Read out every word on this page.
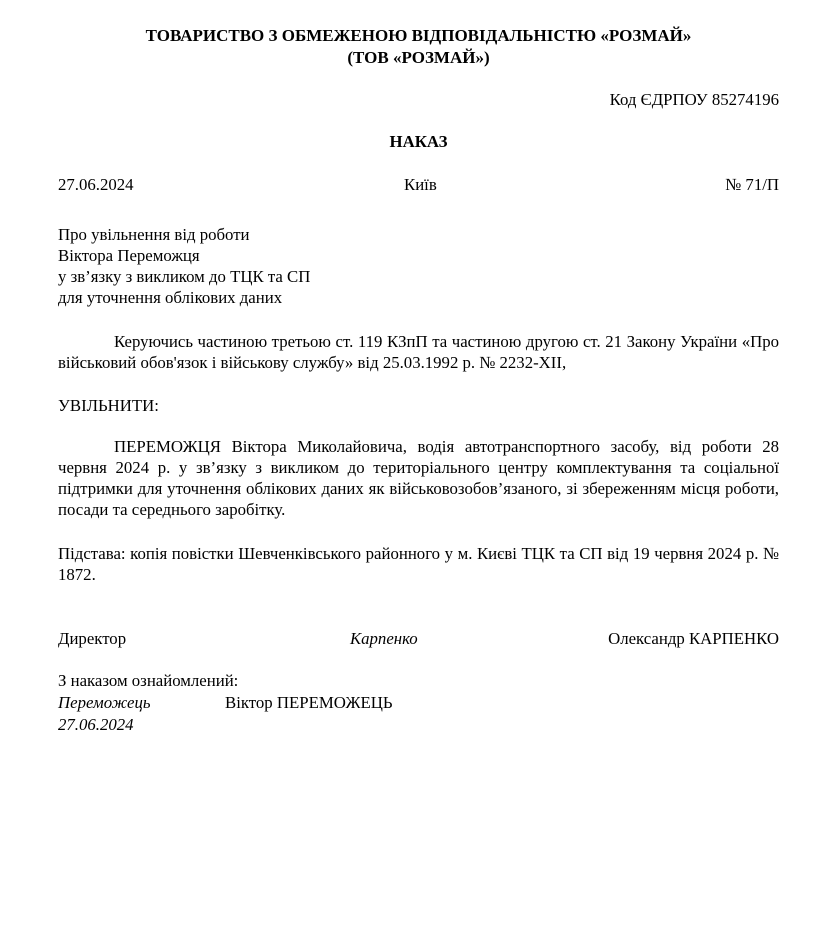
ТОВАРИСТВО З ОБМЕЖЕНОЮ ВІДПОВІДАЛЬНІСТЮ «РОЗМАЙ»
(ТОВ «РОЗМАЙ»)
Код ЄДРПОУ 85274196
НАКАЗ
27.06.2024	Київ	№ 71/П
Про увільнення від роботи
Віктора Переможця
у зв’язку з викликом до ТЦК та СП
для уточнення облікових даних
Керуючись частиною третьою ст. 119 КЗпП та частиною другою ст. 21 Закону України «Про військовий обов'язок і військову службу» від 25.03.1992 р. № 2232-XII,
УВІЛЬНИТИ:
ПЕРЕМОЖЦЯ Віктора Миколайовича, водія автотранспортного засобу, від роботи 28 червня 2024 р. у зв’язку з викликом до територіального центру комплектування та соціальної підтримки для уточнення облікових даних як військовозобов’язаного, зі збереженням місця роботи, посади та середнього заробітку.
Підстава: копія повістки Шевченківського районного у м. Києві ТЦК та СП від 19 червня 2024 р. № 1872.
Директор	Карпенко	Олександр КАРПЕНКО
З наказом ознайомлений:
Переможець	Віктор ПЕРЕМОЖЕЦЬ
27.06.2024
